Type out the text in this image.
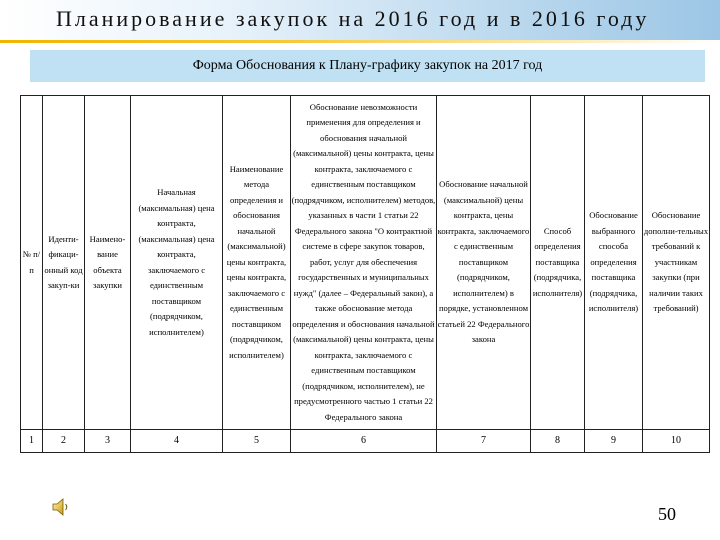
Планирование закупок на 2016 год и в 2016 году
Форма Обоснования к Плану-графику закупок на 2017 год
№ п/п	Иденти- фикаци- онный код закуп-ки	Наимено-вание объекта закупки	Начальная (максимальная) цена контракта, (максимальная) цена контракта, заключаемого с единственным поставщиком (подрядчиком, исполнителем)	Наименование метода определения и обоснования начальной (максимальной) цены контракта, цены контракта, заключаемого с единственным поставщиком (подрядчиком, исполнителем)	Обоснование невозможности применения для определения и обоснования начальной (максимальной) цены контракта, цены контракта, заключаемого с единственным поставщиком (подрядчиком, исполнителем) методов, указанных в части 1 статьи 22 Федерального закона "О контрактной системе в сфере закупок товаров, работ, услуг для обеспечения государственных и муниципальных нужд" (далее – Федеральный закон), а также обоснование метода определения и обоснования начальной (максимальной) цены контракта, цены контракта, заключаемого с единственным поставщиком (подрядчиком, исполнителем), не предусмотренного частью 1 статьи 22 Федерального закона	Обоснование начальной (максимальной) цены контракта, цены контракта, заключаемого с единственным поставщиком (подрядчиком, исполнителем) в порядке, установленном статьей 22 Федерального закона	Способ определения поставщика (подрядчика, исполнителя)	Обоснование выбранного способа определения поставщика (подрядчика, исполнителя)	Обоснование дополни-тельных требований к участникам закупки (при наличии таких требований)
1	2	3	4	5	6	7	8	9	10
50
